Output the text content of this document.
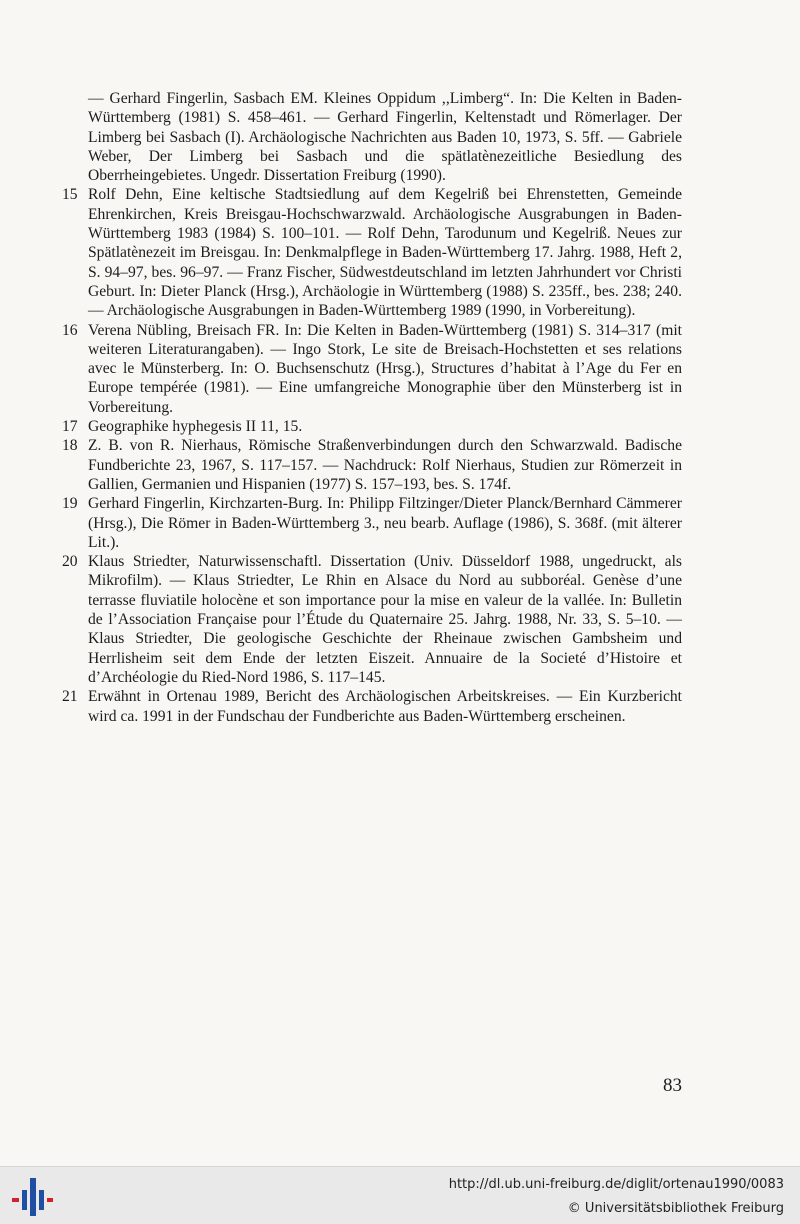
— Gerhard Fingerlin, Sasbach EM. Kleines Oppidum ,,Limberg“. In: Die Kelten in Baden-Württemberg (1981) S. 458–461. — Gerhard Fingerlin, Keltenstadt und Römerlager. Der Limberg bei Sasbach (I). Archäologische Nachrichten aus Baden 10, 1973, S. 5ff. — Gabriele Weber, Der Limberg bei Sasbach und die spätlatènezeitliche Besiedlung des Oberrheingebietes. Ungedr. Dissertation Freiburg (1990).
15 Rolf Dehn, Eine keltische Stadtsiedlung auf dem Kegelriß bei Ehrenstetten, Gemeinde Ehrenkirchen, Kreis Breisgau-Hochschwarzwald. Archäologische Ausgrabungen in Baden-Württemberg 1983 (1984) S. 100–101. — Rolf Dehn, Tarodunum und Kegelriß. Neues zur Spätlatènezeit im Breisgau. In: Denkmalpflege in Baden-Württemberg 17. Jahrg. 1988, Heft 2, S. 94–97, bes. 96–97. — Franz Fischer, Südwestdeutschland im letzten Jahrhundert vor Christi Geburt. In: Dieter Planck (Hrsg.), Archäologie in Württemberg (1988) S. 235ff., bes. 238; 240.— Archäologische Ausgrabungen in Baden-Württemberg 1989 (1990, in Vorbereitung).
16 Verena Nübling, Breisach FR. In: Die Kelten in Baden-Württemberg (1981) S. 314–317 (mit weiteren Literaturangaben). — Ingo Stork, Le site de Breisach-Hochstetten et ses relations avec le Münsterberg. In: O. Buchsenschutz (Hrsg.), Structures d’habitat à l’Age du Fer en Europe tempérée (1981). — Eine umfangreiche Monographie über den Münsterberg ist in Vorbereitung.
17 Geographike hyphegesis II 11, 15.
18 Z. B. von R. Nierhaus, Römische Straßenverbindungen durch den Schwarzwald. Badische Fundberichte 23, 1967, S. 117–157. — Nachdruck: Rolf Nierhaus, Studien zur Römerzeit in Gallien, Germanien und Hispanien (1977) S. 157–193, bes. S. 174f.
19 Gerhard Fingerlin, Kirchzarten-Burg. In: Philipp Filtzinger/Dieter Planck/Bernhard Cämmerer (Hrsg.), Die Römer in Baden-Württemberg 3., neu bearb. Auflage (1986), S. 368f. (mit älterer Lit.).
20 Klaus Striedter, Naturwissenschaftl. Dissertation (Univ. Düsseldorf 1988, ungedruckt, als Mikrofilm). — Klaus Striedter, Le Rhin en Alsace du Nord au subboréal. Genèse d’une terrasse fluviatile holocène et son importance pour la mise en valeur de la vallée. In: Bulletin de l’Association Française pour l’Étude du Quaternaire 25. Jahrg. 1988, Nr. 33, S. 5–10. — Klaus Striedter, Die geologische Geschichte der Rheinaue zwischen Gambsheim und Herrlisheim seit dem Ende der letzten Eiszeit. Annuaire de la Societé d’Histoire et d’Archéologie du Ried-Nord 1986, S. 117–145.
21 Erwähnt in Ortenau 1989, Bericht des Archäologischen Arbeitskreises. — Ein Kurzbericht wird ca. 1991 in der Fundschau der Fundberichte aus Baden-Württemberg erscheinen.
83
http://dl.ub.uni-freiburg.de/diglit/ortenau1990/0083
© Universitätsbibliothek Freiburg
